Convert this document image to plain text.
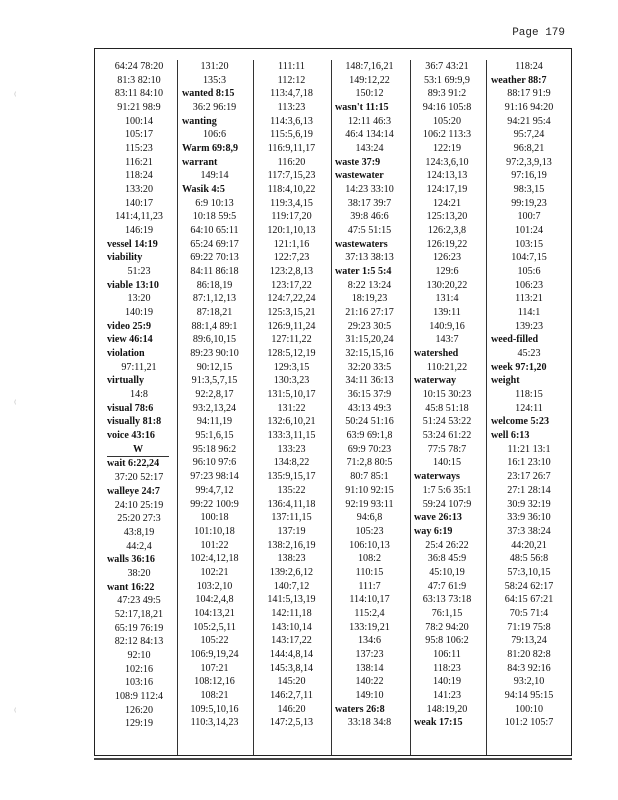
Page 179
64:24 78:20
81:3 82:10
83:11 84:10
91:21 98:9
100:14
105:17
115:23
116:21
118:24
133:20
140:17
141:4,11,23
146:19
vessel 14:19
viability
51:23
viable 13:10
13:20
140:19
video 25:9
view 46:14
violation
97:11,21
virtually
14:8
visual 78:6
visually 81:8
voice 43:16
W
wait 6:22,24
37:20 52:17
walleye 24:7
24:10 25:19
25:20 27:3
43:8,19
44:2,4
walls 36:16
38:20
want 16:22
47:23 49:5
52:17,18,21
65:19 76:19
82:12 84:13
92:10
102:16
103:16
108:9 112:4
126:20
129:19
131:20
135:3
wanted 8:15
36:2 96:19
wanting
106:6
Warm 69:8,9
warrant
149:14
Wasik 4:5
6:9 10:13
10:18 59:5
64:10 65:11
65:24 69:17
69:22 70:13
84:11 86:18
86:18,19
87:1,12,13
87:18,21
88:1,4 89:1
89:6,10,15
89:23 90:10
90:12,15
91:3,5,7,15
92:2,8,17
93:2,13,24
94:11,19
95:1,6,15
95:18 96:2
96:10 97:6
97:23 98:14
99:4,7,12
99:22 100:9
100:18
101:10,18
101:22
102:4,12,18
102:21
103:2,10
104:2,4,8
104:13,21
105:2,5,11
105:22
106:9,19,24
107:21
108:12,16
108:21
109:5,10,16
110:3,14,23
111:11
112:12
113:4,7,18
113:23
114:3,6,13
115:5,6,19
116:9,11,17
116:20
117:7,15,23
118:4,10,22
119:3,4,15
119:17,20
120:1,10,13
121:1,16
122:7,23
123:2,8,13
123:17,22
124:7,22,24
125:3,15,21
126:9,11,24
127:11,22
128:5,12,19
129:3,15
130:3,23
131:5,10,17
131:22
132:6,10,21
133:3,11,15
133:23
134:8,22
135:9,15,17
135:22
136:4,11,18
137:11,15
137:19
138:2,16,19
138:23
139:2,6,12
140:7,12
141:5,13,19
142:11,18
143:10,14
143:17,22
144:4,8,14
145:3,8,14
145:20
146:2,7,11
146:20
147:2,5,13
148:7,16,21
149:12,22
150:12
wasn't 11:15
12:11 46:3
46:4 134:14
143:24
waste 37:9
wastewater
14:23 33:10
38:17 39:7
39:8 46:6
47:5 51:15
wastewaters
37:13 38:13
water 1:5 5:4
8:22 13:24
18:19,23
21:16 27:17
29:23 30:5
31:15,20,24
32:15,15,16
32:20 33:5
34:11 36:13
36:15 37:9
43:13 49:3
50:24 51:16
63:9 69:1,8
69:9 70:23
71:2,8 80:5
80:7 85:1
91:10 92:15
92:19 93:11
94:6,8
105:23
106:10,13
108:2
110:15
111:7
114:10,17
115:2,4
133:19,21
134:6
137:23
138:14
140:22
149:10
waters 26:8
33:18 34:8
36:7 43:21
53:1 69:9,9
89:3 91:2
94:16 105:8
105:20
106:2 113:3
122:19
124:3,6,10
124:13,13
124:17,19
124:21
125:13,20
126:2,3,8
126:19,22
126:23
129:6
130:20,22
131:4
139:11
140:9,16
143:7
watershed
110:21,22
waterway
10:15 30:23
45:8 51:18
51:24 53:22
53:24 61:22
77:5 78:7
140:15
waterways
1:7 5:6 35:1
59:24 107:9
wave 26:13
way 6:19
25:4 26:22
36:8 45:9
45:10,19
47:7 61:9
63:13 73:18
76:1,15
78:2 94:20
95:8 106:2
106:11
118:23
140:19
141:23
148:19,20
weak 17:15
118:24
weather 88:7
88:17 91:9
91:16 94:20
94:21 95:4
95:7,24
96:8,21
97:2,3,9,13
97:16,19
98:3,15
99:19,23
100:7
101:24
103:15
104:7,15
105:6
106:23
113:21
114:1
139:23
weed-filled
45:23
week 97:1,20
weight
118:15
124:11
welcome 5:23
well 6:13
11:21 13:1
16:1 23:10
23:17 26:7
27:1 28:14
30:9 32:19
33:9 36:10
37:3 38:24
44:20,21
48:5 56:8
57:3,10,15
58:24 62:17
64:15 67:21
70:5 71:4
71:19 75:8
79:13,24
81:20 82:8
84:3 92:16
93:2,10
94:14 95:15
100:10
101:2 105:7
⁽
⁽
⁽
